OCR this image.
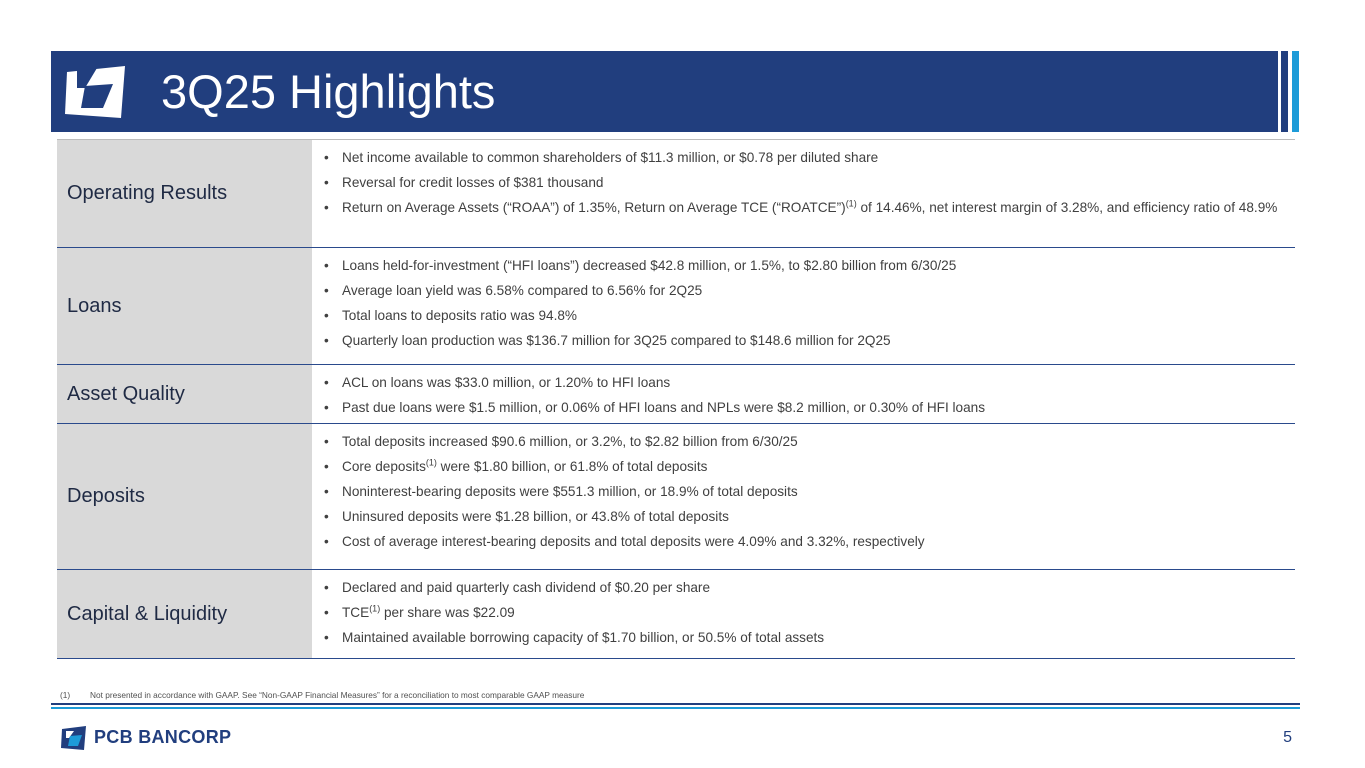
3Q25 Highlights
Operating Results
• Net income available to common shareholders of $11.3 million, or $0.78 per diluted share
• Reversal for credit losses of $381 thousand
• Return on Average Assets (“ROAA”) of 1.35%, Return on Average TCE (“ROATCE”)$^{(1)}$ of 14.46%, net interest margin of 3.28%, and efficiency ratio of 48.9%
Loans
• Loans held-for-investment (“HFI loans”) decreased $42.8 million, or 1.5%, to $2.80 billion from 6/30/25
• Average loan yield was 6.58% compared to 6.56% for 2Q25
• Total loans to deposits ratio was 94.8%
• Quarterly loan production was $136.7 million for 3Q25 compared to $148.6 million for 2Q25
Asset Quality	• ACL on loans was $33.0 million, or 1.20% to HFI loans
• Past due loans were $1.5 million, or 0.06% of HFI loans and NPLs were $8.2 million, or 0.30% of HFI loans
Deposits
• Total deposits increased $90.6 million, or 3.2%, to $2.82 billion from 6/30/25
• Core deposits$^{(1)}$ were $1.80 billion, or 61.8% of total deposits
• Noninterest-bearing deposits were $551.3 million, or 18.9% of total deposits
• Uninsured deposits were $1.28 billion, or 43.8% of total deposits
• Cost of average interest-bearing deposits and total deposits were 4.09% and 3.32%, respectively
Capital & Liquidity
• Declared and paid quarterly cash dividend of $0.20 per share
• TCE$^{(1)}$ per share was $22.09
• Maintained available borrowing capacity of $1.70 billion, or 50.5% of total assets
(1) Not presented in accordance with GAAP. See “Non-GAAP Financial Measures” for a reconciliation to most comparable GAAP measure
PCB BANCORP	5
